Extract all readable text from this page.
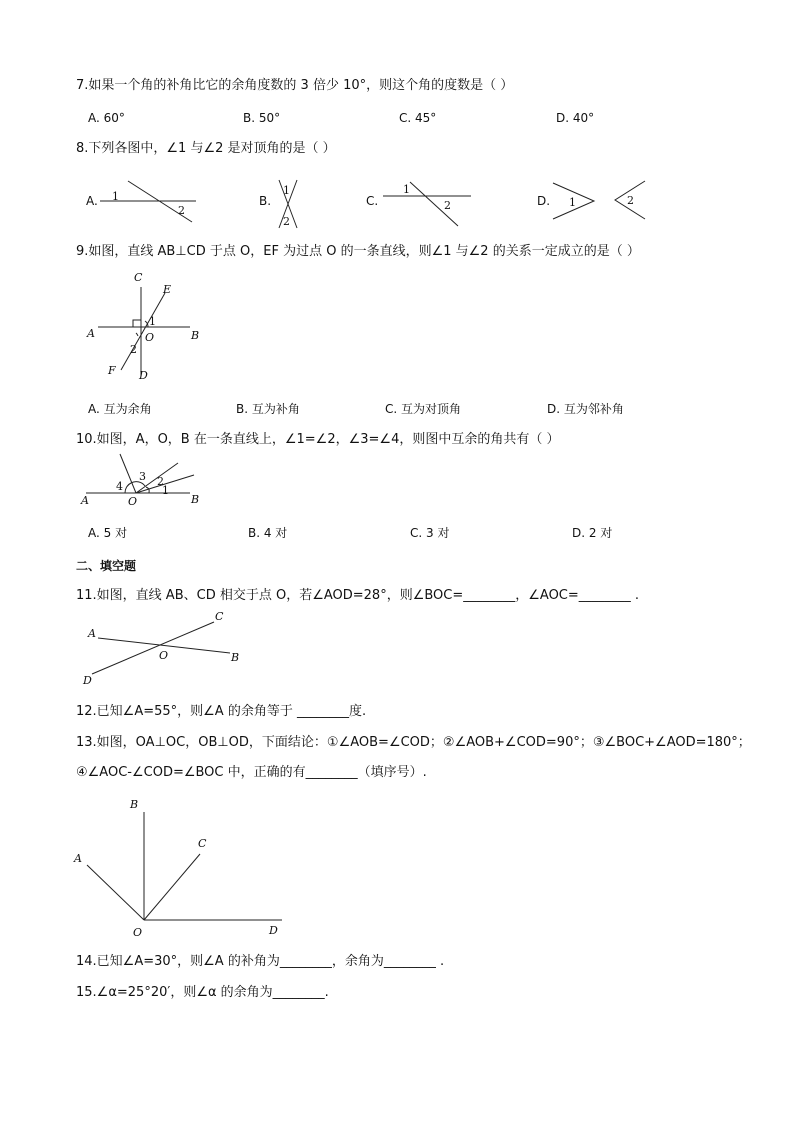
7.如果一个角的补角比它的余角度数的 3 倍少 10°，则这个角的度数是（ ）
A. 60°	B. 50°	C. 45°	D. 40°
8.下列各图中，∠1 与∠2 是对顶角的是（ ）
A.	B.	C.	D.
1
2
1
2
1
2	1	2
9.如图，直线 AB⊥CD 于点 O，EF 为过点 O 的一条直线，则∠1 与∠2 的关系一定成立的是（ ）
C
E
A	O	B
F D
1
2
A. 互为余角	B. 互为补角	C. 互为对顶角	D. 互为邻补角
10.如图，A，O，B 在一条直线上，∠1=∠2，∠3=∠4，则图中互余的角共有（ ）
A	O	B
4
3 2
1
A. 5 对	B. 4 对	C. 3 对	D. 2 对
二、填空题
11.如图，直线 AB、CD 相交于点 O，若∠AOD=28°，则∠BOC=________，∠AOC=________ .
A
C
O	B
D
12.已知∠A=55°，则∠A 的余角等于 ________度.
13.如图，OA⊥OC，OB⊥OD，下面结论：①∠AOB=∠COD；②∠AOB+∠COD=90°；③∠BOC+∠AOD=180°；
④∠AOC-∠COD=∠BOC 中，正确的有________（填序号）.
B
C
A
O	D
14.已知∠A=30°，则∠A 的补角为________，余角为________ .
15.∠α=25°20′，则∠α 的余角为________.
